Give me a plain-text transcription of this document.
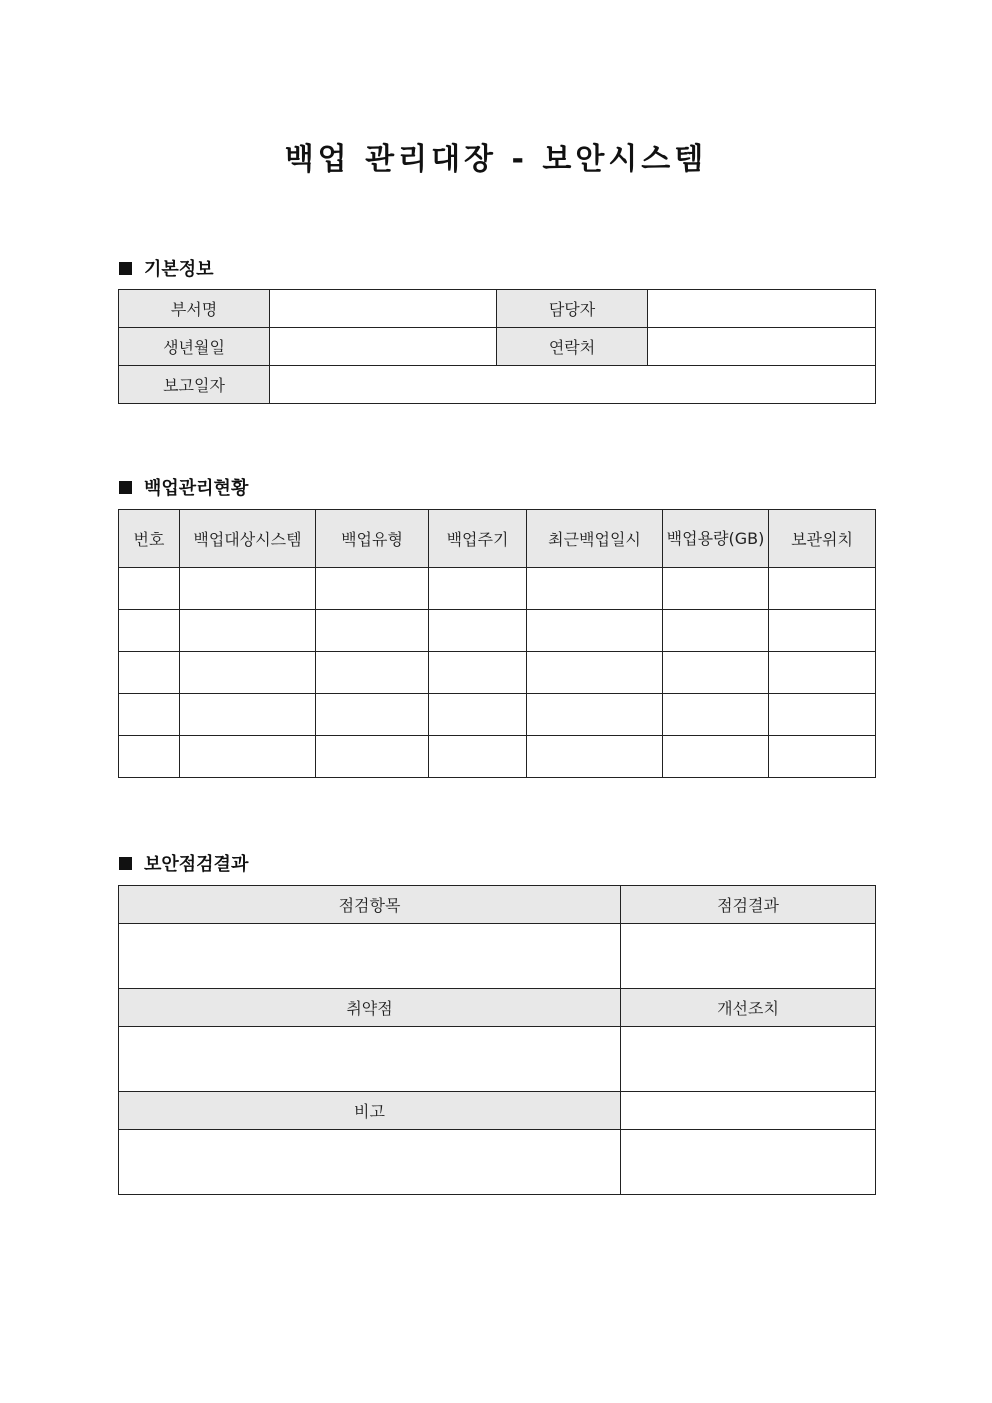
백업 관리대장 - 보안시스템
기본정보
부서명		담당자	
생년월일		연락처	
보고일자			
백업관리현황
번호	백업대상시스템	백업유형	백업주기	최근백업일시	백업용량(GB)	보관위치

보안점검결과
점검항목	점검결과

취약점	개선조치

비고	
